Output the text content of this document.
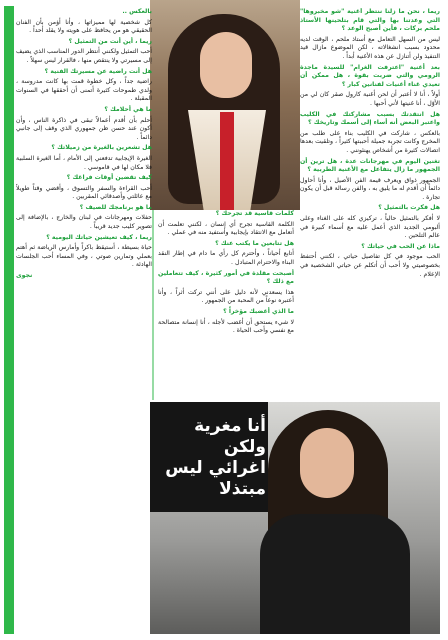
ريما ، نحن ما زلنا ننتظر أغنية "شو مخبروها" التي وعدتنا بها والتي قام بتلحينها الأستاذ ملحم بركات ، فأين أصبح الوعد ؟

ليس من السهل التعامل مع أستاذ ملحم ، الوقت لديه محدود بسبب انشغالاته ، لكن الموضوع مازال قيد التنفيذ ولن أتنازل عن هذه الأغنية أبداً .

بعد أغنية "اعترفت الغرام" للسيدة ماجدة الرومي والتي ضربت بقوة ، هل ممكن أن تعيدي غناء أغنيات لفنانين كبار ؟

أولاً ، أنا لا أعتبر أن لحن أغنية كارول صقر كان لي من الأوّل ، أنا غنيتها لأني أحبها .

هل انتقدتك بسبب مشاركتك في الكليب واعتبر البعض أنه أساء إلى أسمك وتاريخك ؟

بالعكس ، شاركت في الكليب بناء على طلب من المخرج وكانت تجربة جميلة أحببتها كثيراً ، وتلقيت بعدها اتصالات كثيرة من أشخاص يهنئونني .

تغنين اليوم في مهرجانات عدة ، هل ترين أن الجمهور ما زال يتفاعل مع الأغنية الطربية ؟

الجمهور ذواق ويعرف قيمة الفن الأصيل ، وأنا أحاول دائماً أن أقدم له ما يليق به ، والفن رسالة قبل أن يكون تجارة .

هل فكرت بالتمثيل ؟

لا أفكر بالتمثيل حالياً ، تركيزي كله على الغناء وعلى ألبومي الجديد الذي أعمل عليه مع أسماء كبيرة في عالم التلحين .

ماذا عن الحب في حياتك ؟

الحب موجود في كل تفاصيل حياتي ، لكنني أحتفظ بخصوصيتي ولا أحب أن أتكلم عن حياتي الشخصية في الإعلام .

كلمات قاسية قد تجرحك ؟

الكلمة القاسية تجرح أي إنسان ، لكنني تعلمت أن أتعامل مع الانتقاد بإيجابية وأستفيد منه في عملي .

هل تتابعين ما يكتب عنك ؟

أتابع أحياناً ، وأحترم كل رأي ما دام في إطار النقد البناء والاحترام المتبادل .

أصبحت مقلدة في أمور كثيرة ، كيف تتعاملين مع ذلك ؟

هذا يسعدني لأنه دليل على أنني تركت أثراً ، وأنا أعتبره نوعاً من المحبة من الجمهور .

ما الذي أغضبك مؤخراً ؟

لا شيء يستحق أن أغضب لأجله ، أنا إنسانة متصالحة مع نفسي وأحب الحياة .

بالعكس ..

كل شخصية لها مميزاتها ، وأنا أؤمن بأن الفنان الحقيقي هو من يحافظ على هويته ولا يقلد أحداً .

ريما ، أين أنت من التمثيل ؟

أحب التمثيل ولكنني أنتظر الدور المناسب الذي يضيف إلى مسيرتي ولا ينتقص منها ، فالقرار ليس سهلاً .

هل أنت راضية عن مسيرتك الفنية ؟

راضية جداً ، وكل خطوة قمت بها كانت مدروسة ، ولدي طموحات كثيرة أتمنى أن أحققها في السنوات المقبلة .

ما هي أحلامك ؟

أحلم بأن أقدم أعمالاً تبقى في ذاكرة الناس ، وأن أكون عند حسن ظن جمهوري الذي وقف إلى جانبي دائماً .

هل تشعرين بالغيرة من زميلاتك ؟

الغيرة الإيجابية تدفعني إلى الأمام ، أما الغيرة السلبية فلا مكان لها في قاموسي .

كيف تقضين أوقات فراغك ؟

أحب القراءة والسفر والتسوق ، وأقضي وقتاً طويلاً مع عائلتي وأصدقائي المقربين .

ما هو برنامجك للصيف ؟

حفلات ومهرجانات في لبنان والخارج ، بالإضافة إلى تصوير كليب جديد قريباً .

ريما ، كيف تعيشين حياتك اليومية ؟

حياة بسيطة ، أستيقظ باكراً وأمارس الرياضة ثم أهتم بعملي وتمارين صوتي ، وفي المساء أحب الجلسات الهادئة .

نجوى

أنا مغرية ولكن
اغرائي ليس مبتذلا
